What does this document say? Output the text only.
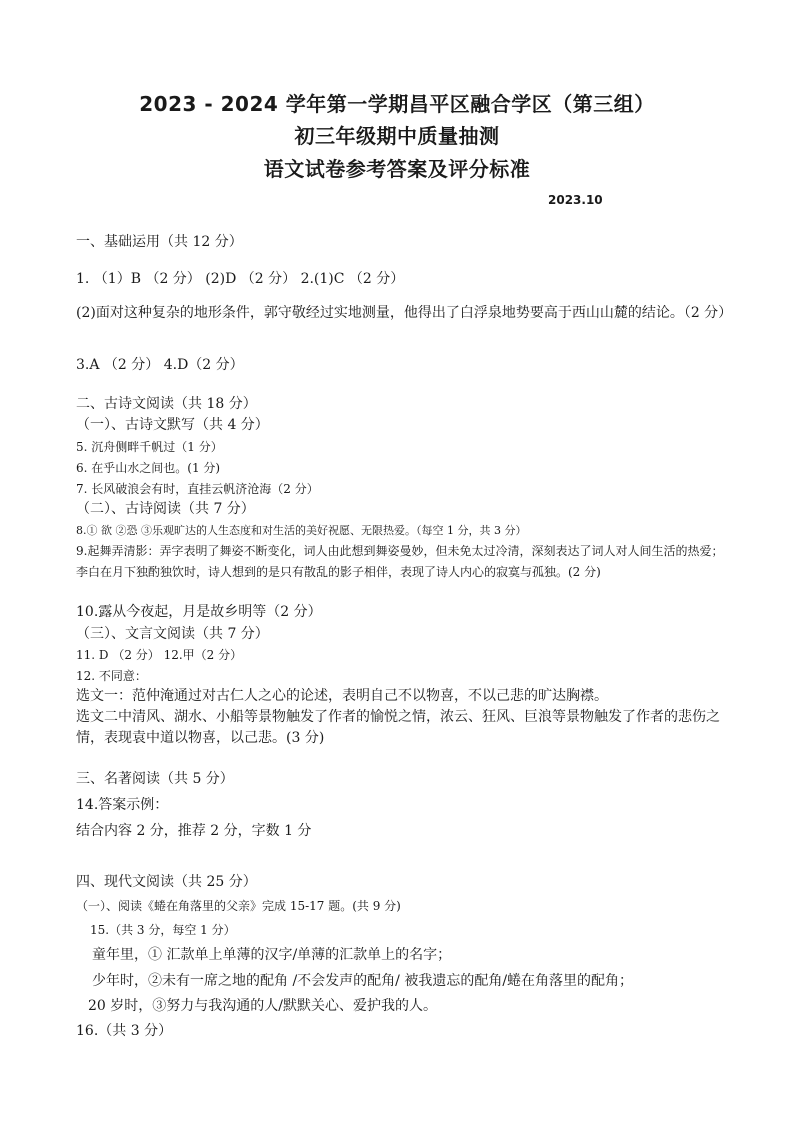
2023 - 2024 学年第一学期昌平区融合学区（第三组）
初三年级期中质量抽测
语文试卷参考答案及评分标准
2023.10
一、基础运用（共 12 分）
1. （1）B （2 分） (2)D （2 分） 2.(1)C （2 分）
(2)面对这种复杂的地形条件，郭守敬经过实地测量，他得出了白浮泉地势要高于西山山麓的结论。（2 分）
3.A （2 分） 4.D（2 分）
二、古诗文阅读（共 18 分）
（一）、古诗文默写（共 4 分）
5. 沉舟侧畔千帆过（1 分）
6. 在乎山水之间也。(1 分)
7. 长风破浪会有时，直挂云帆济沧海（2 分）
（二）、古诗阅读（共 7 分）
8.① 欲 ②恐 ③乐观旷达的人生态度和对生活的美好祝愿、无限热爱。（每空 1 分，共 3 分）
9.起舞弄清影：弄字表明了舞姿不断变化，词人由此想到舞姿曼妙，但未免太过冷清，深刻表达了词人对人间生活的热爱；李白在月下独酌独饮时，诗人想到的是只有散乱的影子相伴，表现了诗人内心的寂寞与孤独。(2 分)
10.露从今夜起，月是故乡明等（2 分）
（三）、文言文阅读（共 7 分）
11. D （2 分） 12.甲（2 分）
12. 不同意：
选文一：范仲淹通过对古仁人之心的论述，表明自己不以物喜，不以己悲的旷达胸襟。
选文二中清风、湖水、小船等景物触发了作者的愉悦之情，浓云、狂风、巨浪等景物触发了作者的悲伤之情，表现袁中道以物喜，以己悲。(3 分)
三、名著阅读（共 5 分）
14.答案示例：
结合内容 2 分，推荐 2 分，字数 1 分
四、现代文阅读（共 25 分）
（一）、阅读《蜷在角落里的父亲》完成 15-17 题。(共 9 分)
15.（共 3 分，每空 1 分）
童年里，① 汇款单上单薄的汉字/单薄的汇款单上的名字；
少年时，②未有一席之地的配角 /不会发声的配角/ 被我遗忘的配角/蜷在角落里的配角；
20 岁时，③努力与我沟通的人/默默关心、爱护我的人。
16.（共 3 分）
